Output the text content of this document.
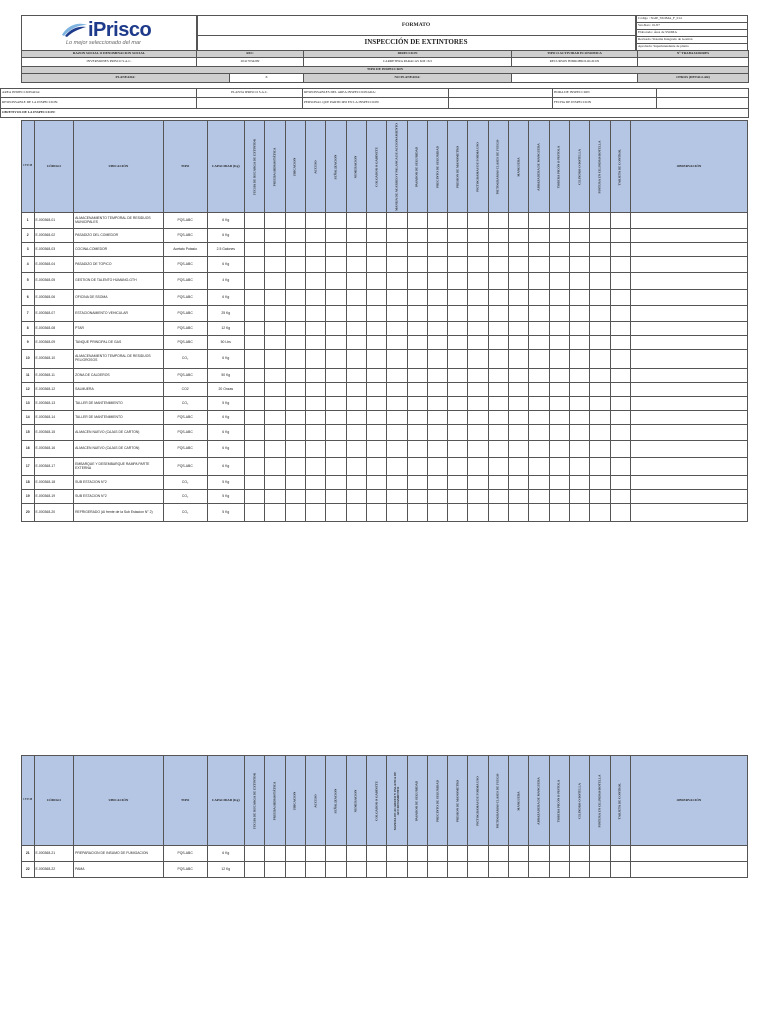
iPrisco
Lo mejor seleccionado del mar
FORMATO
INSPECCIÓN DE EXTINTORES
Código : SGIP_SSOMA_F_014
Ver./Rev.: 01/07
Elaborado: Área de SSOMA
Revisado: Sistema Integrado de Gestión
Aprobado: Superintendente de planta
RAZON SOCIAL O DENOMINACION SOCIAL	RUC	DIRECCION	TIPO O ACTIVIDAD ECONOMICA	N° TRABAJADORES
INVERSIONES PRISCO S.A.C.	20417034299	CARRETERA PARACAS KM 16.5	RECURSOS HIDROBIOLOGICOS	
TIPO DE INSPECCION
PLANEADA:	X	NO PLANEADA:		OTROS (DETALLAR)
AREA INSPECCIONADA:	PLANTA IPRISCO S.A.C.	RESPONSABLES DEL AREA INSPECCIONADA:		HORA DE INSPECCION	
RESPONSABLE DE LA INSPECCION:		PERSONAL QUE PARTICIPO EN LA INSPECCION:		FECHA DE INSPECCION	
OBJETIVOS DE LA INSPECCION:					
I T E M	CÓDIGO	UBICACIÓN	TIPO	CAPACIDAD (Kg)	FECHA DE RECARGA DE EXTINTOR	PRUEBA HIDROSTÁTICA	UBICACION	ACCESO	SEÑALIZACION	NUMERACION	COLGADOR O GABINETE	MANIJA DE ACARREO Y PALANCA DE ACCIONAMIENTO	PASADOR DE SEGURIDAD	PRECINTO DE SEGURIDAD	PRESION DE MANOMETRO	PICTOGRAMAS DE FORMA USO	PICTOGRAMAS CLASES DE FUEGO	MANGUERA	ABRAZADERA DE MANGUERA	TOBERA PICÓN O PISTOLA	CILINDRO O BOTELLA	PINTURA EN CILINDRO/BOTELLA	TARJETA DE CONTROL	OBSERVACIÓN
1	E-000368-01	ALMACENAMIENTO TEMPORAL DE RESIDUOS MUNICIPALES	PQS-ABC	6 Kg																				
2	E-000368-02	PASADIZO DEL COMEDOR	PQS-ABC	6 Kg																				
3	E-000368-03	COCINA-COMEDOR	Acetato Potasio	2.5 Galones																				
4	E-000368-04	PASADIZO DE TOPICO	PQS-ABC	6 Kg																				
5	E-000368-05	GESTION DE TALENTO HUMANO-GTH	PQS-ABC	4 Kg																				
6	E-000368-06	OFICINA DE SSOMA	PQS-ABC	6 Kg																				
7	E-000368-07	ESTACIONAMIENTO VEHICULAR	PQS-ABC	25 Kg																				
8	E-000368-08	PTAR	PQS-ABC	12 Kg																				
9	E-000368-09	TANQUE PRINCIPAL DE GAS	PQS-ABC	50 Lbs																				
10	E-000368-10	ALMACENAMIENTO TEMPORAL DE RESIDUOS PELIGROSOS	CO₂	6 Kg																				
11	E-000368-11	ZONA DE CALDEROS	PQS-ABC	50 Kg																				
12	E-000368-12	SALMUERA	CO2	20 Onzas																				
13	E-000368-13	TALLER DE MANTENIMIENTO	CO₂	5 Kg																				
14	E-000368-14	TALLER DE MANTENIMIENTO	PQS-ABC	6 Kg																				
15	E-000368-15	ALMACEN NUEVO (CAJAS DE CARTON)	PQS-ABC	6 Kg																				
16	E-000368-16	ALMACEN NUEVO (CAJAS DE CARTON)	PQS-ABC	6 Kg																				
17	E-000368-17	EMBARQUE Y DESEMBARQUE RAMPA PARTE EXTERNA	PQS-ABC	6 Kg																				
18	E-000368-18	SUB ESTACION N°2	CO₂	5 Kg																				
19	E-000368-19	SUB ESTACION N°2	CO₂	5 Kg																				
20	E-000368-20	REFRIGERADO (Al frente de la Sub Estacion N° 2)	CO₂	5 Kg																				
I T E M	CÓDIGO	UBICACIÓN	TIPO	CAPACIDAD (Kg)	FECHA DE RECARGA DE EXTINTOR	PRUEBA HIDROSTÁTICA	UBICACION	ACCESO	SEÑALIZACION	NUMERACION	COLGADOR O GABINETE	MANIJA DE ACARREO Y PALANCA DE ACCIONAMIENTO	PASADOR DE SEGURIDAD	PRECINTO DE SEGURIDAD	PRESION DE MANOMETRO	PICTOGRAMAS DE FORMA USO	PICTOGRAMAS CLASES DE FUEGO	MANGUERA	ABRAZADERA DE MANGUERA	TOBERA PICÓN O PISTOLA	CILINDRO O BOTELLA	PINTURA EN CILINDRO/BOTELLA	TARJETA DE CONTROL	OBSERVACIÓN
21	E-000368-21	PREPARACION DE INSUMO DE FUMIGACION	PQS-ABC	6 Kg																				
22	E-000368-22	PAMA	PQS-ABC	12 Kg																				
